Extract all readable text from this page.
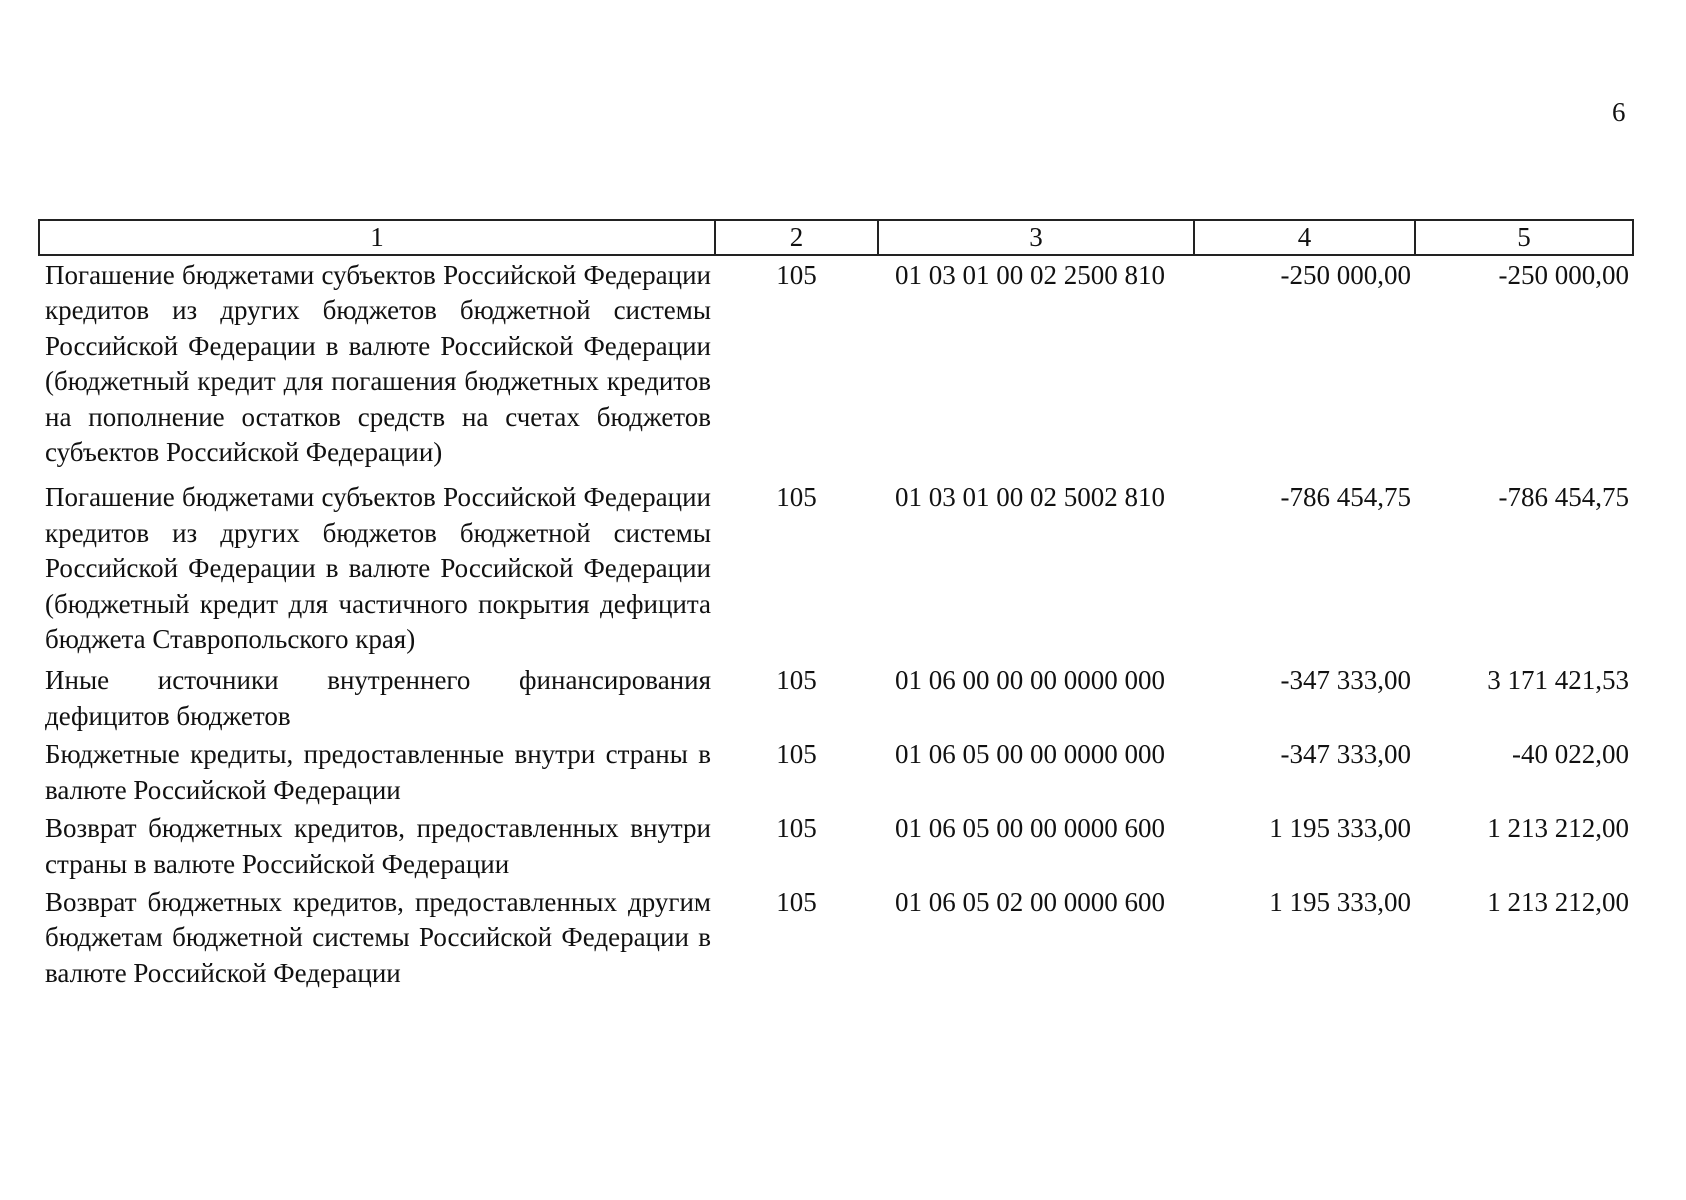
6
1	2	3	4	5
Погашение бюджетами субъектов Российской Федерации кредитов из других бюджетов бюджетной системы Российской Федерации в валюте Российской Федерации (бюджетный кредит для погашения бюджетных кредитов на пополнение остатков средств на счетах бюджетов субъектов Российской Федерации)	105	01 03 01 00 02 2500 810	-250 000,00	-250 000,00
Погашение бюджетами субъектов Российской Федерации кредитов из других бюджетов бюджетной системы Российской Федерации в валюте Российской Федерации (бюджетный кредит для частичного покрытия дефицита бюджета Ставропольского края)	105	01 03 01 00 02 5002 810	-786 454,75	-786 454,75
Иные источники внутреннего финансирования дефицитов бюджетов	105	01 06 00 00 00 0000 000	-347 333,00	3 171 421,53
Бюджетные кредиты, предоставленные внутри страны в валюте Российской Федерации	105	01 06 05 00 00 0000 000	-347 333,00	-40 022,00
Возврат бюджетных кредитов, предоставленных внутри страны в валюте Российской Федерации	105	01 06 05 00 00 0000 600	1 195 333,00	1 213 212,00
Возврат бюджетных кредитов, предоставленных другим бюджетам бюджетной системы Российской Федерации в валюте Российской Федерации	105	01 06 05 02 00 0000 600	1 195 333,00	1 213 212,00
